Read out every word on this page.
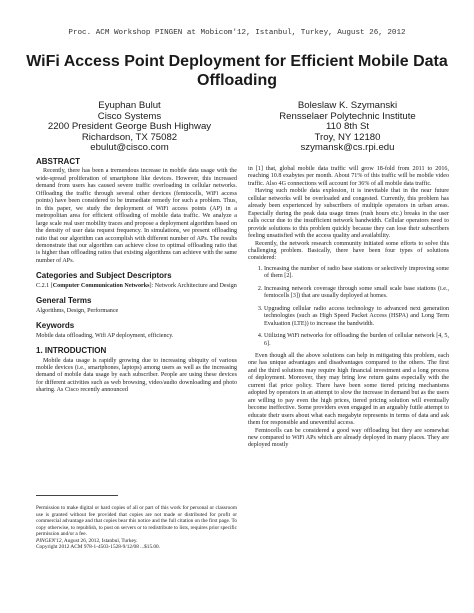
Proc. ACM Workshop PINGEN at Mobicom'12, Istanbul, Turkey, August 26, 2012
WiFi Access Point Deployment for Efficient Mobile Data Offloading
Eyuphan Bulut
Cisco Systems
2200 President George Bush Highway
Richardson, TX 75082
ebulut@cisco.com
Boleslaw K. Szymanski
Rensselaer Polytechnic Institute
110 8th St
Troy, NY 12180
szymansk@cs.rpi.edu
ABSTRACT

Recently, there has been a tremendous increase in mobile data usage with the wide-spread proliferation of smartphone like devices. However, this increased demand from users has caused severe traffic overloading in cellular networks. Offloading the traffic through several other devices (femtocells, WiFi access points) have been considered to be immediate remedy for such a problem. Thus, in this paper, we study the deployment of WiFi access points (AP) in a metropolitan area for efficient offloading of mobile data traffic. We analyze a large scale real user mobility traces and propose a deployment algorithm based on the density of user data request frequency. In simulations, we present offloading ratio that our algorithm can accomplish with different number of APs. The results demonstrate that our algorithm can achieve close to optimal offloading ratio that is higher than offloading ratios that existing algorithms can achieve with the same number of APs.

Categories and Subject Descriptors

C.2.1 [Computer Communication Networks]: Network Architecture and Design

General Terms

Algorithms, Design, Performance

Keywords

Mobile data offloading, Wifi AP deployment, efficiency.

1. INTRODUCTION

Mobile data usage is rapidly growing due to increasing ubiquity of various mobile devices (i.e., smartphones, laptops) among users as well as the increasing demand of mobile data usage by each subscriber. People are using these devices for different activities such as web browsing, video/audio downloading and photo sharing. As Cisco recently announced

Permission to make digital or hard copies of all or part of this work for personal or classroom use is granted without fee provided that copies are not made or distributed for profit or commercial advantage and that copies bear this notice and the full citation on the first page. To copy otherwise, to republish, to post on servers or to redistribute to lists, requires prior specific permission and/or a fee.

PINGEN'12, August 26, 2012, Istanbul, Turkey.

Copyright 2012 ACM 978-1-4503-1528-9/12/08 ...$15.00.

in [1] that, global mobile data traffic will grow 18-fold from 2011 to 2016, reaching 10.8 exabytes per month. About 71% of this traffic will be mobile video traffic. Also 4G connections will account for 36% of all mobile data traffic.

Having such mobile data explosion, it is inevitable that in the near future cellular networks will be overloaded and congested. Currently, this problem has already been experienced by subscribers of multiple operators in urban areas. Especially during the peak data usage times (rush hours etc.) breaks in the user calls occur due to the insufficient network bandwidth. Cellular operators need to provide solutions to this problem quickly because they can lose their subscribers feeling unsatisfied with the access quality and availability.

Recently, the network research community initiated some efforts to solve this challenging problem. Basically, there have been four types of solutions considered:

1. Increasing the number of radio base stations or selectively improving some of them [2].
2. Increasing network coverage through some small scale base stations (i.e., femtocells [3]) that are usually deployed at homes.
3. Upgrading cellular radio access technology to advanced next generation technologies (such as High Speed Packet Access (HSPA) and Long Term Evaluation (LTE)) to increase the bandwidth.
4. Utilizing WiFi networks for offloading the burden of cellular network [4, 5, 6].

Even though all the above solutions can help in mitigating this problem, each one has unique advantages and disadvantages compared to the others. The first and the third solutions may require high financial investment and a long process of deployment. Moreover, they may bring low return gains especially with the current flat price policy. There have been some tiered pricing mechanisms adopted by operators in an attempt to slow the increase in demand but as the users are willing to pay even the high prices, tiered pricing solution will eventually become ineffective. Some providers even engaged in an arguably futile attempt to educate their users about what each megabyte represents in terms of data and ask them for responsible and uneventful access.

Femtocells can be considered a good way offloading but they are somewhat new compared to WiFi APs which are already deployed in many places. They are deployed mostly
